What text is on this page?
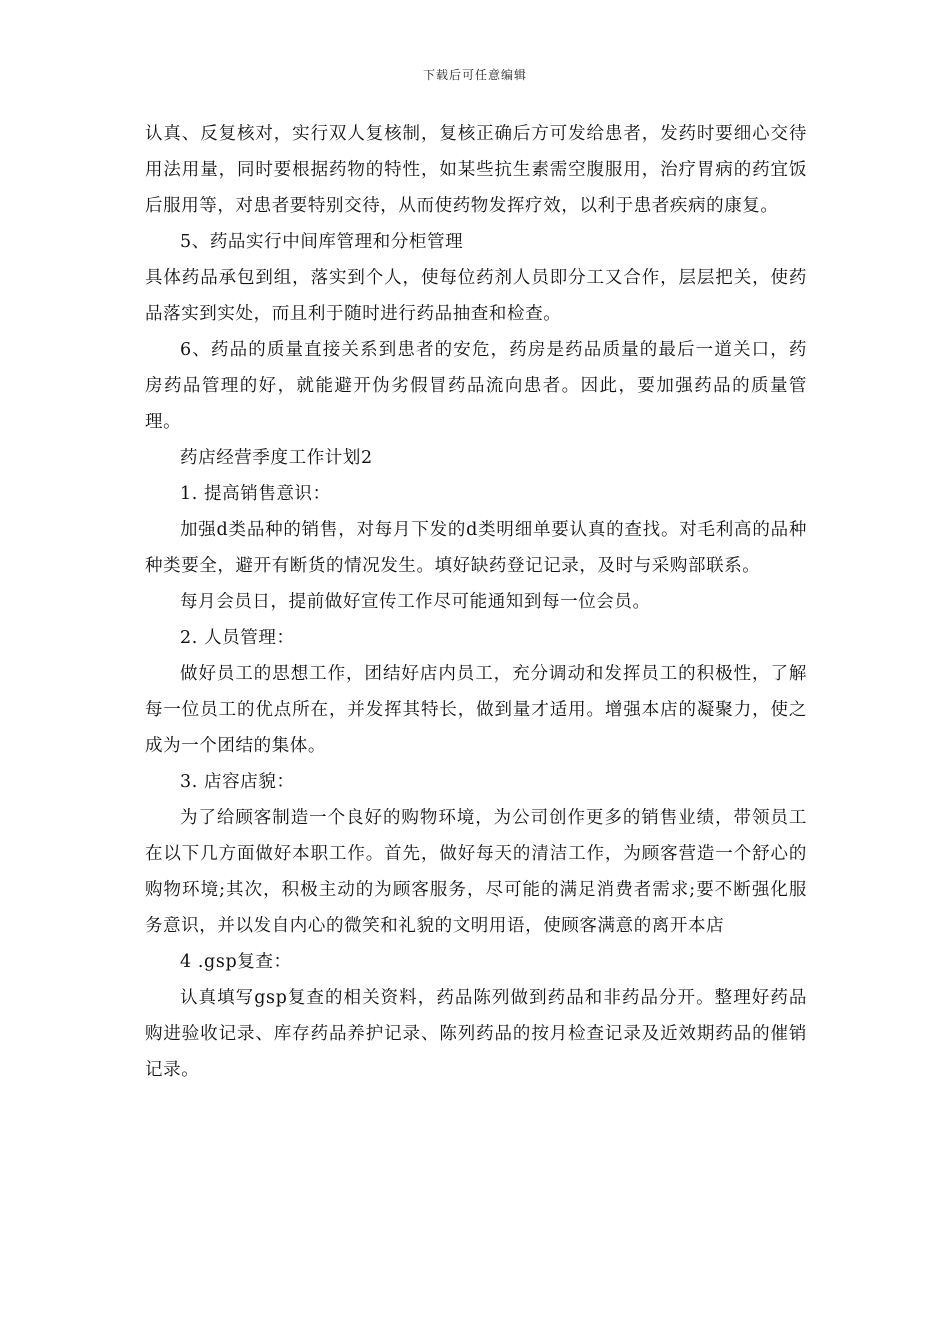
下载后可任意编辑

认真、反复核对，实行双人复核制，复核正确后方可发给患者，发药时要细心交待用法用量，同时要根据药物的特性，如某些抗生素需空腹服用，治疗胃病的药宜饭后服用等，对患者要特别交待，从而使药物发挥疗效，以利于患者疾病的康复。

5、药品实行中间库管理和分柜管理

具体药品承包到组，落实到个人，使每位药剂人员即分工又合作，层层把关，使药品落实到实处，而且利于随时进行药品抽查和检查。

6、药品的质量直接关系到患者的安危，药房是药品质量的最后一道关口，药房药品管理的好，就能避开伪劣假冒药品流向患者。因此，要加强药品的质量管理。

药店经营季度工作计划2

1. 提高销售意识：

加强d类品种的销售，对每月下发的d类明细单要认真的查找。对毛利高的品种种类要全，避开有断货的情况发生。填好缺药登记记录，及时与采购部联系。

每月会员日，提前做好宣传工作尽可能通知到每一位会员。

2. 人员管理：

做好员工的思想工作，团结好店内员工，充分调动和发挥员工的积极性，了解每一位员工的优点所在，并发挥其特长，做到量才适用。增强本店的凝聚力，使之成为一个团结的集体。

3. 店容店貌：

为了给顾客制造一个良好的购物环境，为公司创作更多的销售业绩，带领员工在以下几方面做好本职工作。首先，做好每天的清洁工作，为顾客营造一个舒心的购物环境;其次，积极主动的为顾客服务，尽可能的满足消费者需求;要不断强化服务意识，并以发自内心的微笑和礼貌的文明用语，使顾客满意的离开本店

4 .gsp复查：

认真填写gsp复查的相关资料，药品陈列做到药品和非药品分开。整理好药品购进验收记录、库存药品养护记录、陈列药品的按月检查记录及近效期药品的催销记录。
